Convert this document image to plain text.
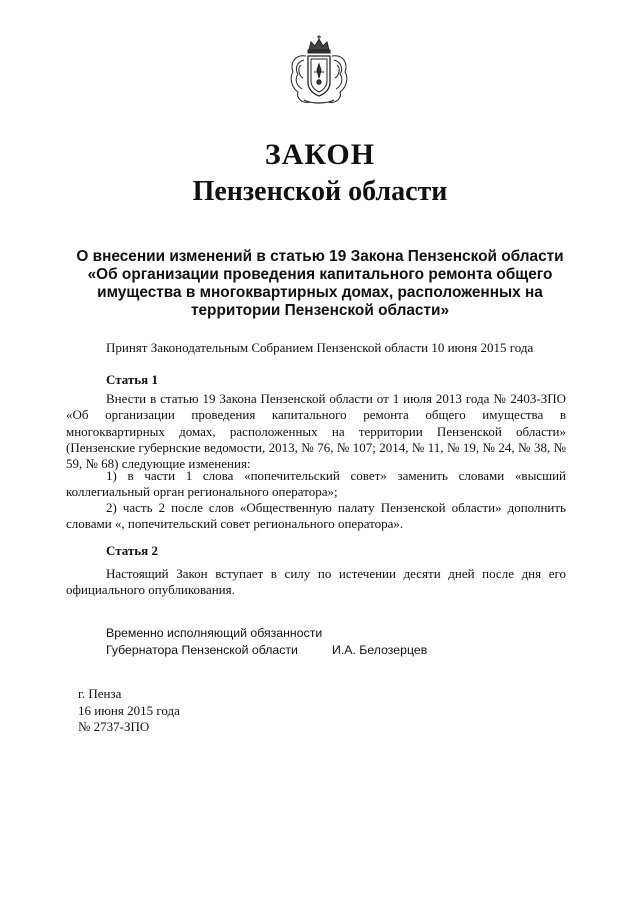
ЗАКОН
Пензенской области

О внесении изменений в статью 19 Закона Пензенской области «Об организации проведения капитального ремонта общего имущества в многоквартирных домах, расположенных на территории Пензенской области»

Принят Законодательным Собранием Пензенской области 10 июня 2015 года

Статья 1

Внести в статью 19 Закона Пензенской области от 1 июля 2013 года № 2403-ЗПО «Об организации проведения капитального ремонта общего имущества в многоквартирных домах, расположенных на территории Пензенской области» (Пензенские губернские ведомости, 2013, № 76, № 107; 2014, № 11, № 19, № 24, № 38, № 59, № 68) следующие изменения:

1) в части 1 слова «попечительский совет» заменить словами «высший коллегиальный орган регионального оператора»;

2) часть 2 после слов «Общественную палату Пензенской области» дополнить словами «, попечительский совет регионального оператора».

Статья 2

Настоящий Закон вступает в силу по истечении десяти дней после дня его официального опубликования.

Временно исполняющий обязанности
Губернатора Пензенской области	И.А. Белозерцев
г. Пенза
16 июня 2015 года
№ 2737-ЗПО
